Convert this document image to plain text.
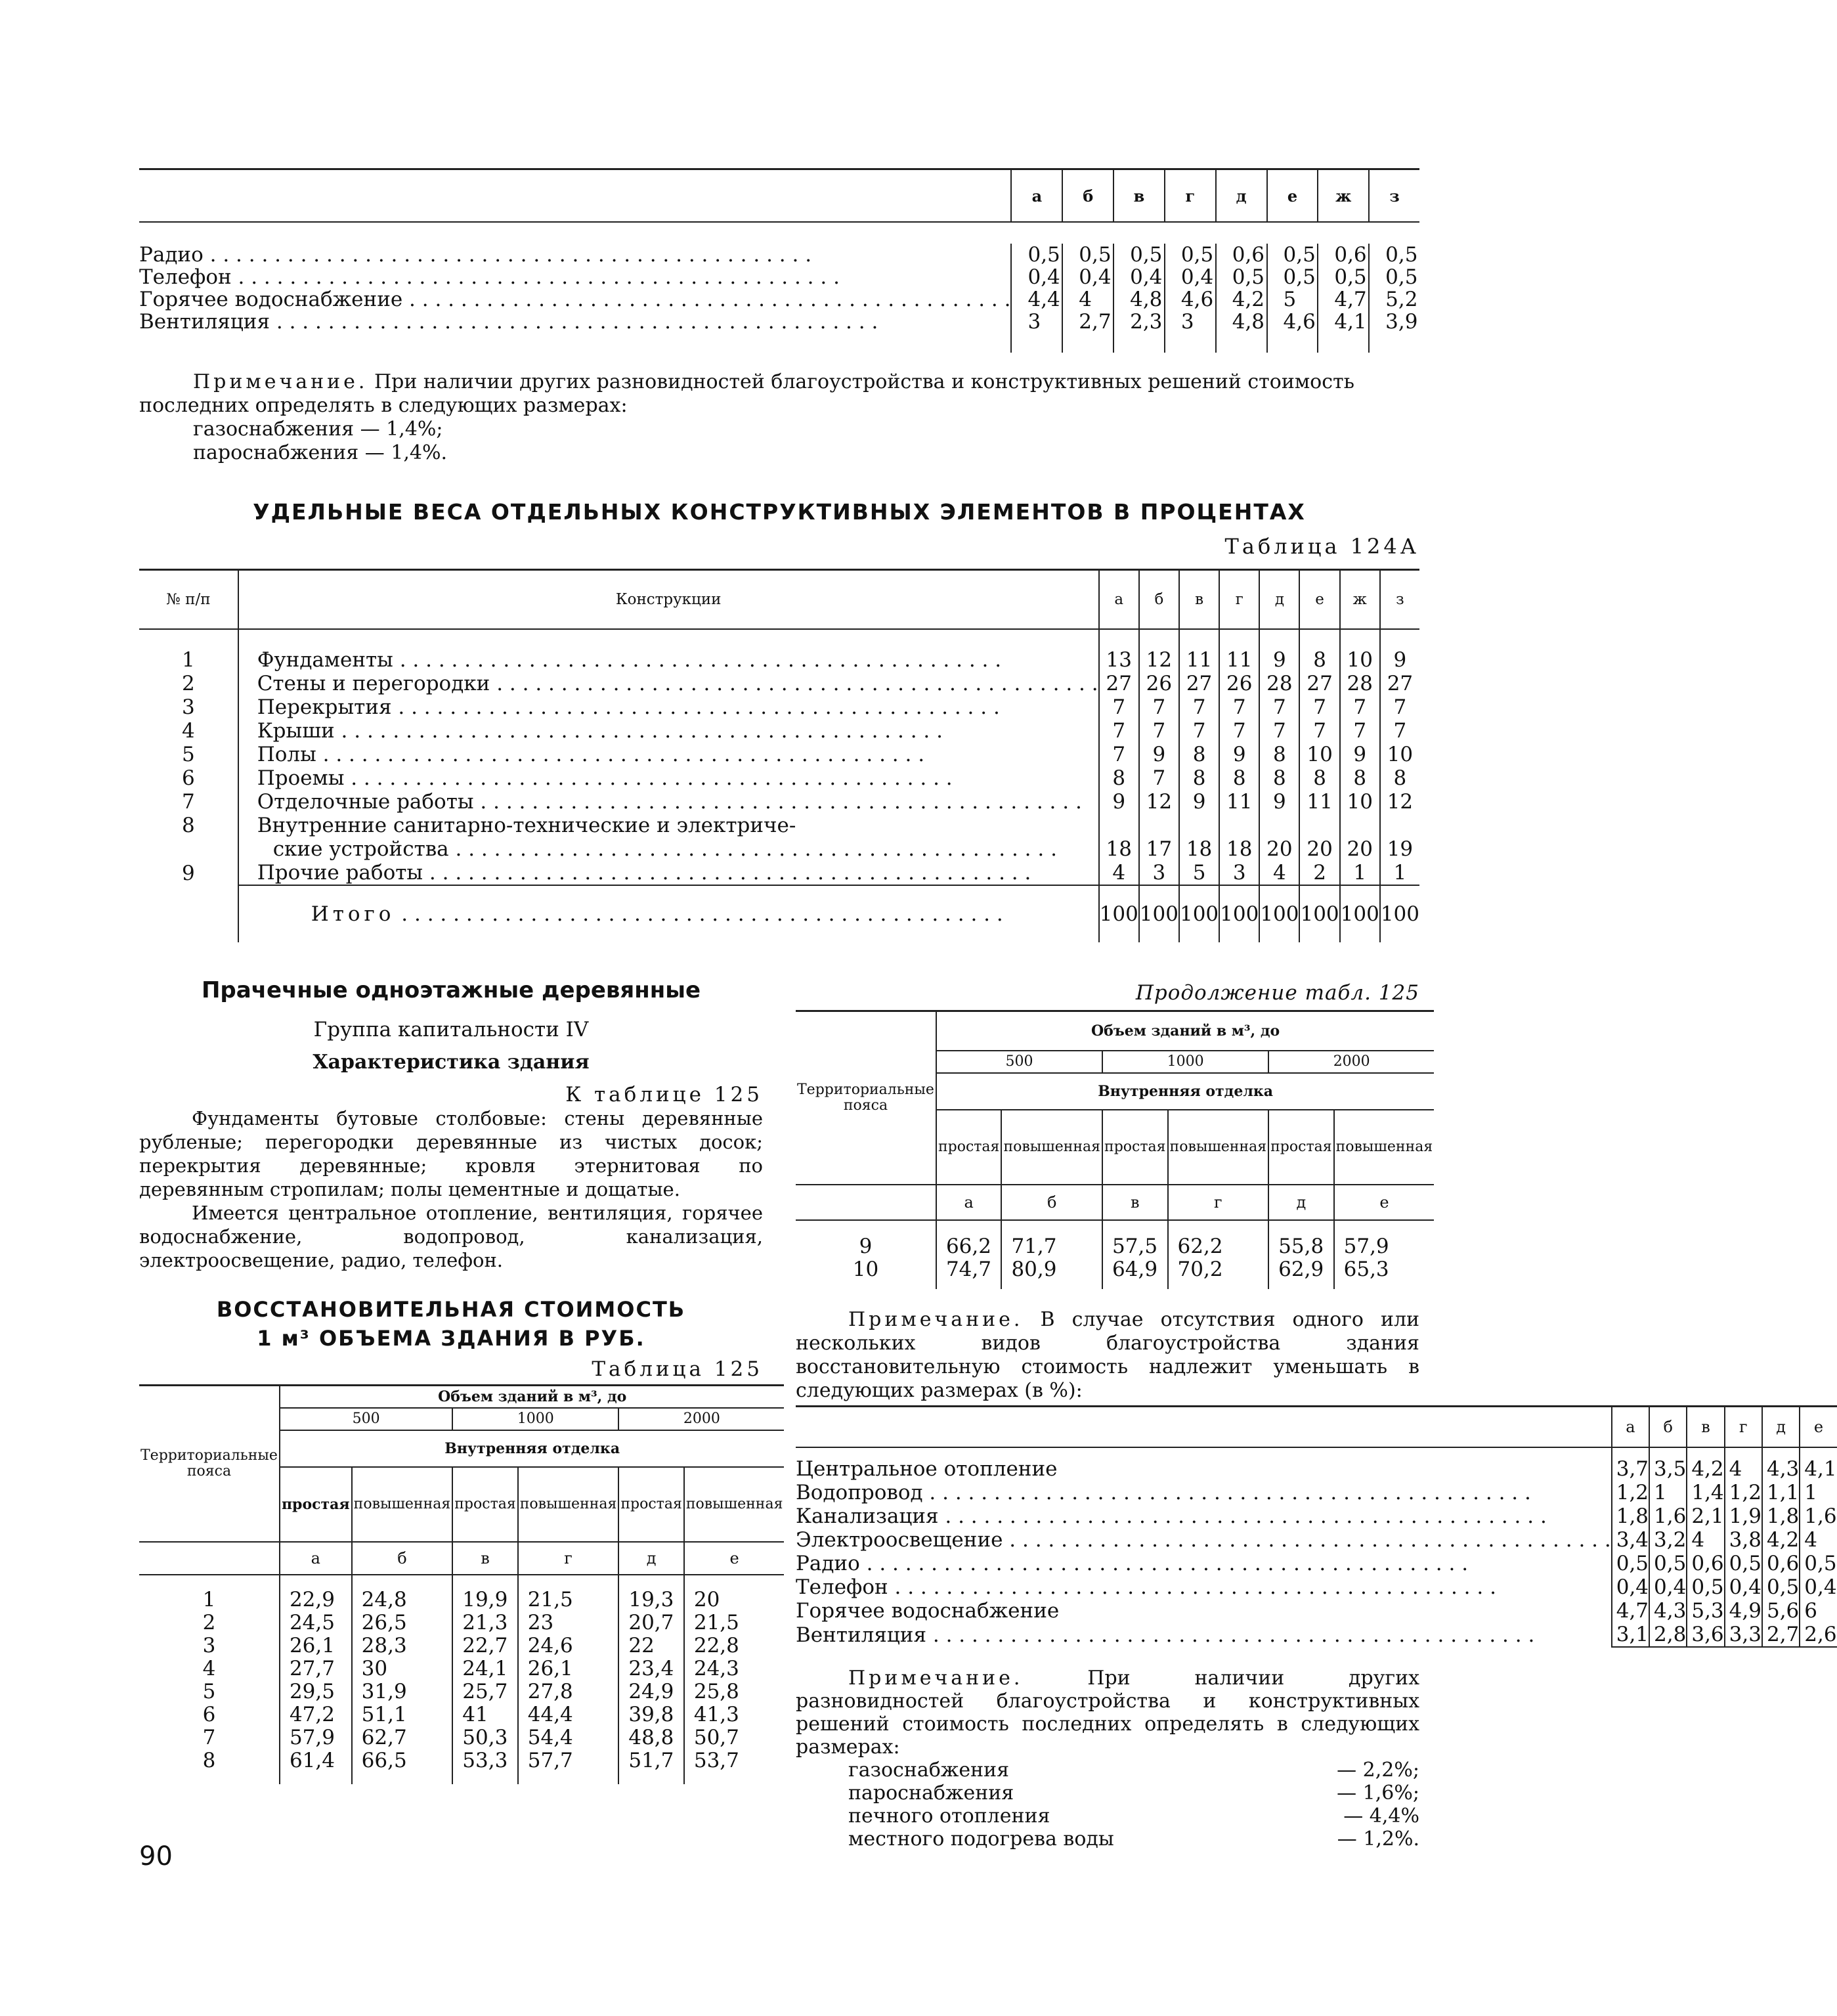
	а	б	в	г	д	е	ж	з

Радио . . .	0,5	0,5	0,5	0,5	0,6	0,5	0,6	0,5
Телефон . . .	0,4	0,4	0,4	0,4	0,5	0,5	0,5	0,5
Горячее водоснабжение . . .	4,4	4	4,8	4,6	4,2	5	4,7	5,2
Вентиляция . . .	3	2,7	2,3	3	4,8	4,6	4,1	3,9
Примечание. При наличии других разновидностей благоустройства и конструктивных решений стоимость последних определять в следующих размерах:
газоснабжения — 1,4%;
пароснабжения — 1,4%.
УДЕЛЬНЫЕ ВЕСА ОТДЕЛЬНЫХ КОНСТРУКТИВНЫХ ЭЛЕМЕНТОВ В ПРОЦЕНТАХ
Таблица 124А
№ п/п	Конструкции	а	б	в	г	д	е	ж	з

1	Фундаменты . . .	13	12	11	11	9	8	10	9
2	Стены и перегородки . . .	27	26	27	26	28	27	28	27
3	Перекрытия . . .	7	7	7	7	7	7	7	7
4	Крыши . . .	7	7	7	7	7	7	7	7
5	Полы . . .	7	9	8	9	8	10	9	10
6	Проемы . . .	8	7	8	8	8	8	8	8
7	Отделочные работы . . .	9	12	9	11	9	11	10	12
8	Внутренние санитарно-технические и электриче-								
	ские устройства . . .	18	17	18	18	20	20	20	19
9	Прочие работы . . .	4	3	5	3	4	2	1	1
	Итого . . .	100	100	100	100	100	100	100	100
Прачечные одноэтажные деревянные
Группа капитальности IV
Характеристика здания
К таблице 125
Фундаменты бутовые столбовые: стены деревянные рубленые; перегородки деревянные из чистых досок; перекрытия деревянные; кровля этернитовая по деревянным стропилам; полы цементные и дощатые.
Имеется центральное отопление, вентиляция, горячее водоснабжение, водопровод, канализация, электроосвещение, радио, телефон.
ВОССТАНОВИТЕЛЬНАЯ СТОИМОСТЬ
1 м³ ОБЪЕМА ЗДАНИЯ В РУБ.
Таблица 125
Территориальные пояса	Объем зданий в м³, до					
	500		1000		2000	
	Внутренняя отделка					
	простая	повышенная	простая	повышенная	простая	повышенная
	а	б	в	г	д	е

1	22,9	24,8	19,9	21,5	19,3	20
2	24,5	26,5	21,3	23	20,7	21,5
3	26,1	28,3	22,7	24,6	22	22,8
4	27,7	30	24,1	26,1	23,4	24,3
5	29,5	31,9	25,7	27,8	24,9	25,8
6	47,2	51,1	41	44,4	39,8	41,3
7	57,9	62,7	50,3	54,4	48,8	50,7
8	61,4	66,5	53,3	57,7	51,7	53,7

Продолжение табл. 125
Территориальные пояса	Объем зданий в м³, до					
	500		1000		2000	
	Внутренняя отделка					
	простая	повышенная	простая	повышенная	простая	повышенная
	а	б	в	г	д	е

9	66,2	71,7	57,5	62,2	55,8	57,9
10	74,7	80,9	64,9	70,2	62,9	65,3

Примечание. В случае отсутствия одного или нескольких видов благоустройства здания восстановительную стоимость надлежит уменьшать в следующих размерах (в %):
	а	б	в	г	д	е

Центральное отопление	3,7	3,5	4,2	4	4,3	4,1
Водопровод . . .	1,2	1	1,4	1,2	1,1	1
Канализация . . .	1,8	1,6	2,1	1,9	1,8	1,6
Электроосвещение . . .	3,4	3,2	4	3,8	4,2	4
Радио . . .	0,5	0,5	0,6	0,5	0,6	0,5
Телефон . . .	0,4	0,4	0,5	0,4	0,5	0,4
Горячее водоснабжение	4,7	4,3	5,3	4,9	5,6	6
Вентиляция . . .	3,1	2,8	3,6	3,3	2,7	2,6
Примечание.	При наличии других разновидностей благоустройства и конструктивных решений стоимость последних определять в следующих размерах:
газоснабжения	— 2,2%;
пароснабжения	— 1,6%;
печного отопления	— 4,4%
местного подогрева воды	— 1,2%.
90
